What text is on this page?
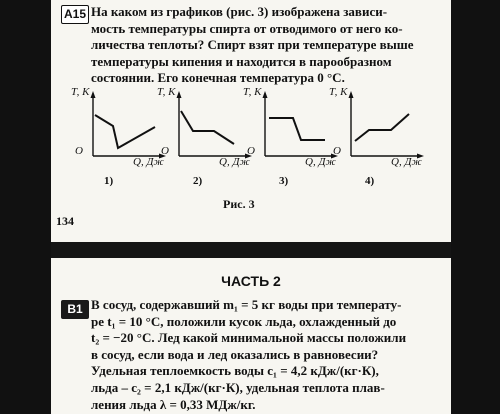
A15 На каком из графиков (рис. 3) изображена зависи-
мость температуры спирта от отводимого от него ко-
личества теплоты? Спирт взят при температуре выше
температуры кипения и находится в парообразном
состоянии. Его конечная температура 0 °С.
Т, К
O
Q, Дж
1)
Т, К
O
Q, Дж
2)
Т, К
O
Q, Дж
3)
Т, К
O
Q, Дж
4)
Рис. 3
134
ЧАСТЬ 2
B1 В сосуд, содержавший m₁ = 5 кг воды при температу-
ре t₁ = 10 °С, положили кусок льда, охлажденный до
t₂ = −20 °С. Лед какой минимальной массы положили
в сосуд, если вода и лед оказались в равновесии?
Удельная теплоемкость воды c₁ = 4,2 кДж/(кг·К),
льда – c₂ = 2,1 кДж/(кг·К), удельная теплота плав-
ления льда λ = 0,33 МДж/кг.
